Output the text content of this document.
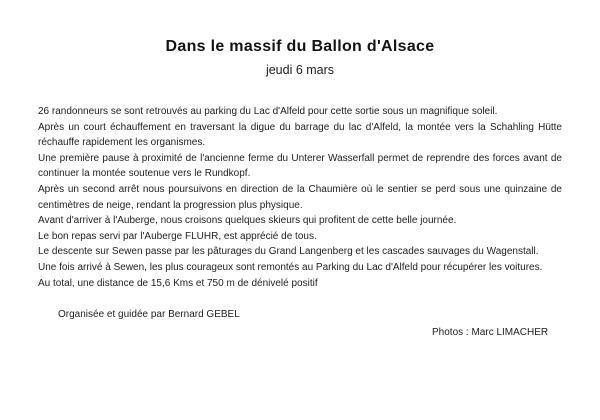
Dans le massif du Ballon d'Alsace
jeudi 6 mars

26 randonneurs se sont retrouvés au parking du Lac d'Alfeld pour cette sortie sous un magnifique soleil.

Après un court échauffement en traversant la digue du barrage du lac d'Alfeld, la montée vers la Schahling Hütte réchauffe rapidement les organismes.

Une première pause à proximité de l'ancienne ferme du Unterer Wasserfall permet de reprendre des forces avant de continuer la montée soutenue vers le Rundkopf.

Après un second arrêt nous poursuivons en direction de la Chaumière où le sentier se perd sous une quinzaine de centimètres de neige, rendant la progression plus physique.

Avant d'arriver à l'Auberge, nous croisons quelques skieurs qui profitent de cette belle journée.

Le bon repas servi par l'Auberge FLUHR, est apprécié de tous.

Le descente sur Sewen passe par les pâturages du Grand Langenberg et les cascades sauvages du Wagenstall.

Une fois arrivé à Sewen, les plus courageux sont remontés au Parking du Lac d'Alfeld pour récupérer les voitures.

Au total, une distance de 15,6 Kms et 750 m de dénivelé positif

Organisée et guidée par Bernard GEBEL
Photos : Marc LIMACHER
